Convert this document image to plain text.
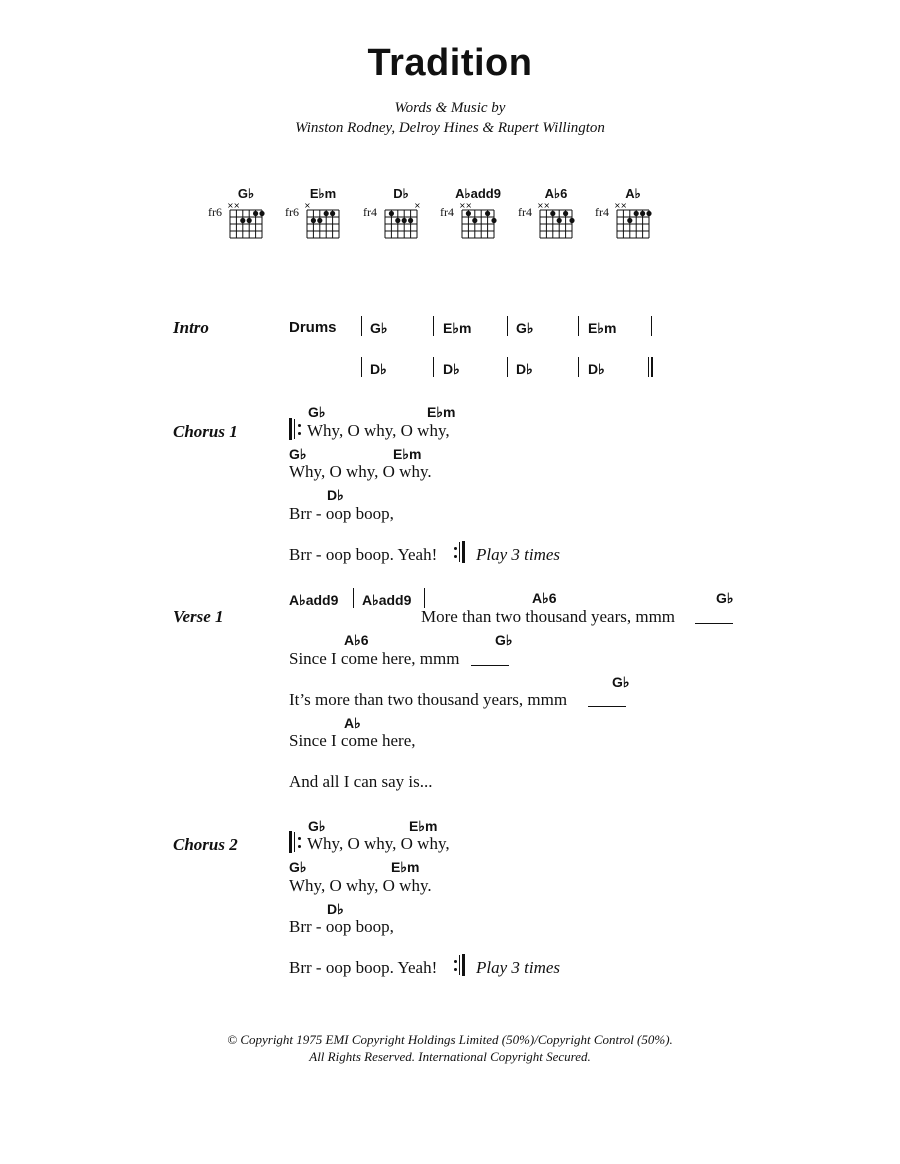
Tradition
Words & Music by
Winston Rodney, Delroy Hines & Rupert Willington
G♭
fr6 × ×
E♭m
fr6 ×
D♭
fr4	×
A♭add9
fr4 × ×
A♭6
fr4 × ×
A♭
fr4 × ×
Intro	Drums G♭	E♭m	G♭	E♭m
D♭	D♭	D♭	D♭
Chorus 1
G♭	E♭m
Why, O why, O why,
G♭	E♭m
Why, O why, O why.
D♭
Brr - oop boop,
Brr - oop boop. Yeah! Play 3 times
Verse 1
A♭add9 A♭add9	A♭6	G♭
More than two thousand years, mmm
A♭6	G♭
Since I come here, mmm
G♭
It’s more than two thousand years, mmm
A♭
Since I come here,
And all I can say is...
Chorus 2
G♭	E♭m
Why, O why, O why,
G♭	E♭m
Why, O why, O why.
D♭
Brr - oop boop,
Brr - oop boop. Yeah! Play 3 times
© Copyright 1975 EMI Copyright Holdings Limited (50%)/Copyright Control (50%).
All Rights Reserved. International Copyright Secured.
